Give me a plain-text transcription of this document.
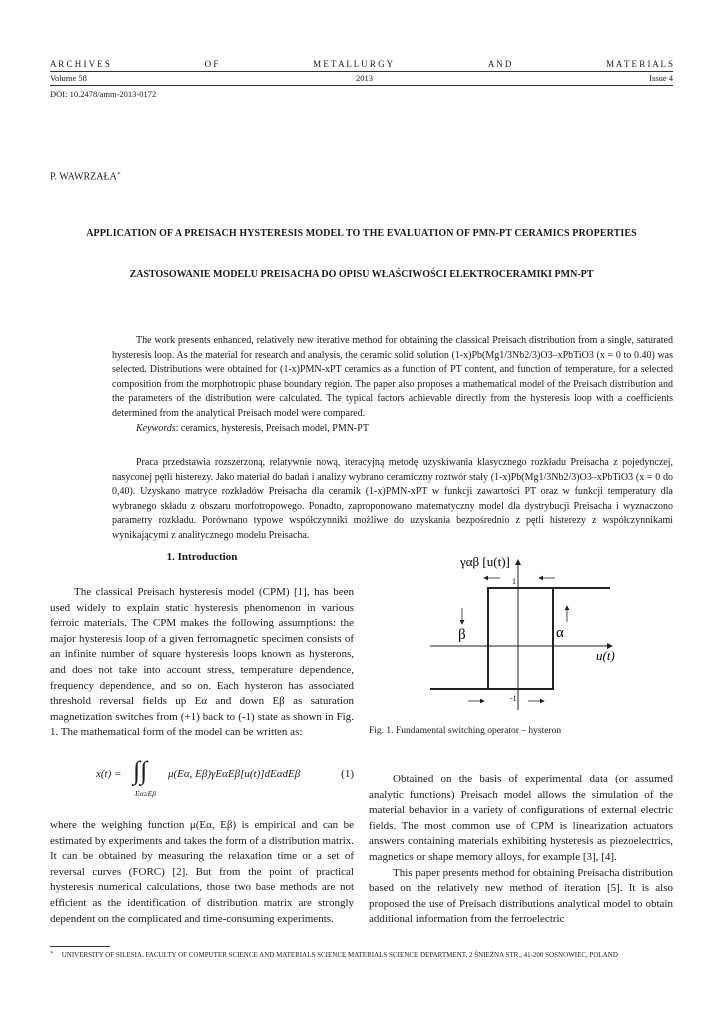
A R C H I V E S	O F	M E T A L L U R G Y	A N D	M A T E R I A L S
Volume 58	2013	Issue 4
DOI: 10.2478/amm-2013-0172
P. WAWRZAŁA∗
APPLICATION OF A PREISACH HYSTERESIS MODEL TO THE EVALUATION OF PMN-PT CERAMICS PROPERTIES
ZASTOSOWANIE MODELU PREISACHA DO OPISU WŁAŚCIWOŚCI ELEKTROCERAMIKI PMN-PT

The work presents enhanced, relatively new iterative method for obtaining the classical Preisach distribution from a single, saturated hysteresis loop. As the material for research and analysis, the ceramic solid solution (1-x)Pb(Mg1/3Nb2/3)O3–xPbTiO3 (x = 0 to 0.40) was selected. Distributions were obtained for (1-x)PMN-xPT ceramics as a function of PT content, and function of temperature, for a selected composition from the morphotropic phase boundary region. The paper also proposes a mathematical model of the Preisach distribution and the parameters of the distribution were calculated. The typical factors achievable directly from the hysteresis loop with a coefficients determined from the analytical Preisach model were compared.

Keywords: ceramics, hysteresis, Preisach model, PMN-PT

Praca przedstawia rozszerzoną, relatywnie nową, iteracyjną metodę uzyskiwania klasycznego rozkładu Preisacha z pojedynczej, nasyconej pętli histerezy. Jako materiał do badań i analizy wybrano ceramiczny roztwór stały (1-x)Pb(Mg1/3Nb2/3)O3–xPbTiO3 (x = 0 do 0,40). Uzyskano matryce rozkładów Preisacha dla ceramik (1-x)PMN-xPT w funkcji zawartości PT oraz w funkcji temperatury dla wybranego składu z obszaru morfotropowego. Ponadto, zaproponowano matematyczny model dla dystrybucji Preisacha i wyznaczono parametry rozkładu. Porównano typowe współczynniki możliwe do uzyskania bezpośrednio z pętli histerezy z współczynnikami wynikającymi z analitycznego modelu Preisacha.

1. Introduction

The classical Preisach hysteresis model (CPM) [1], has been used widely to explain static hysteresis phenomenon in various ferroic materials. The CPM makes the following assumptions: the major hysteresis loop of a given ferromagnetic specimen consists of an infinite number of square hysteresis loops known as hysterons, and does not take into account stress, temperature dependence, frequency dependence, and so on. Each hysteron has associated threshold reversal fields up Eα and down Eβ as saturation magnetization switches from (+1) back to (-1) state as shown in Fig. 1. The mathematical form of the model can be written as:

x(t) = ∫∫ μ(Eα, Eβ)γEαEβ[u(t)]dEαdEβ
Eα≥Eβ
(1)

where the weighing function μ(Eα, Eβ) is empirical and can be estimated by experiments and takes the form of a distribution matrix. It can be obtained by measuring the relaxation time or a set of reversal curves (FORC) [2]. But from the point of practical hysteresis numerical calculations, those two base methods are not efficient as the identification of distribution matrix are strongly dependent on the complicated and time-consuming experiments.

γαβ [u(t)]
u(t)
1
-1
β	α
Fig. 1. Fundamental switching operator – hysteron

Obtained on the basis of experimental data (or assumed analytic functions) Preisach model allows the simulation of the material behavior in a variety of configurations of external electric fields. The most common use of CPM is linearization actuators answers containing materials exhibiting hysteresis as piezoelectrics, magnetics or shape memory alloys, for example [3], [4].

This paper presents method for obtaining Preisacha distribution based on the relatively new method of iteration [5]. It is also proposed the use of Preisach distributions analytical model to obtain additional information from the ferroelectric

∗ UNIVERSITY OF SILESIA, FACULTY OF COMPUTER SCIENCE AND MATERIALS SCIENCE MATERIALS SCIENCE DEPARTMENT, 2 ŚNIEŻNA STR., 41-200 SOSNOWIEC, POLAND
